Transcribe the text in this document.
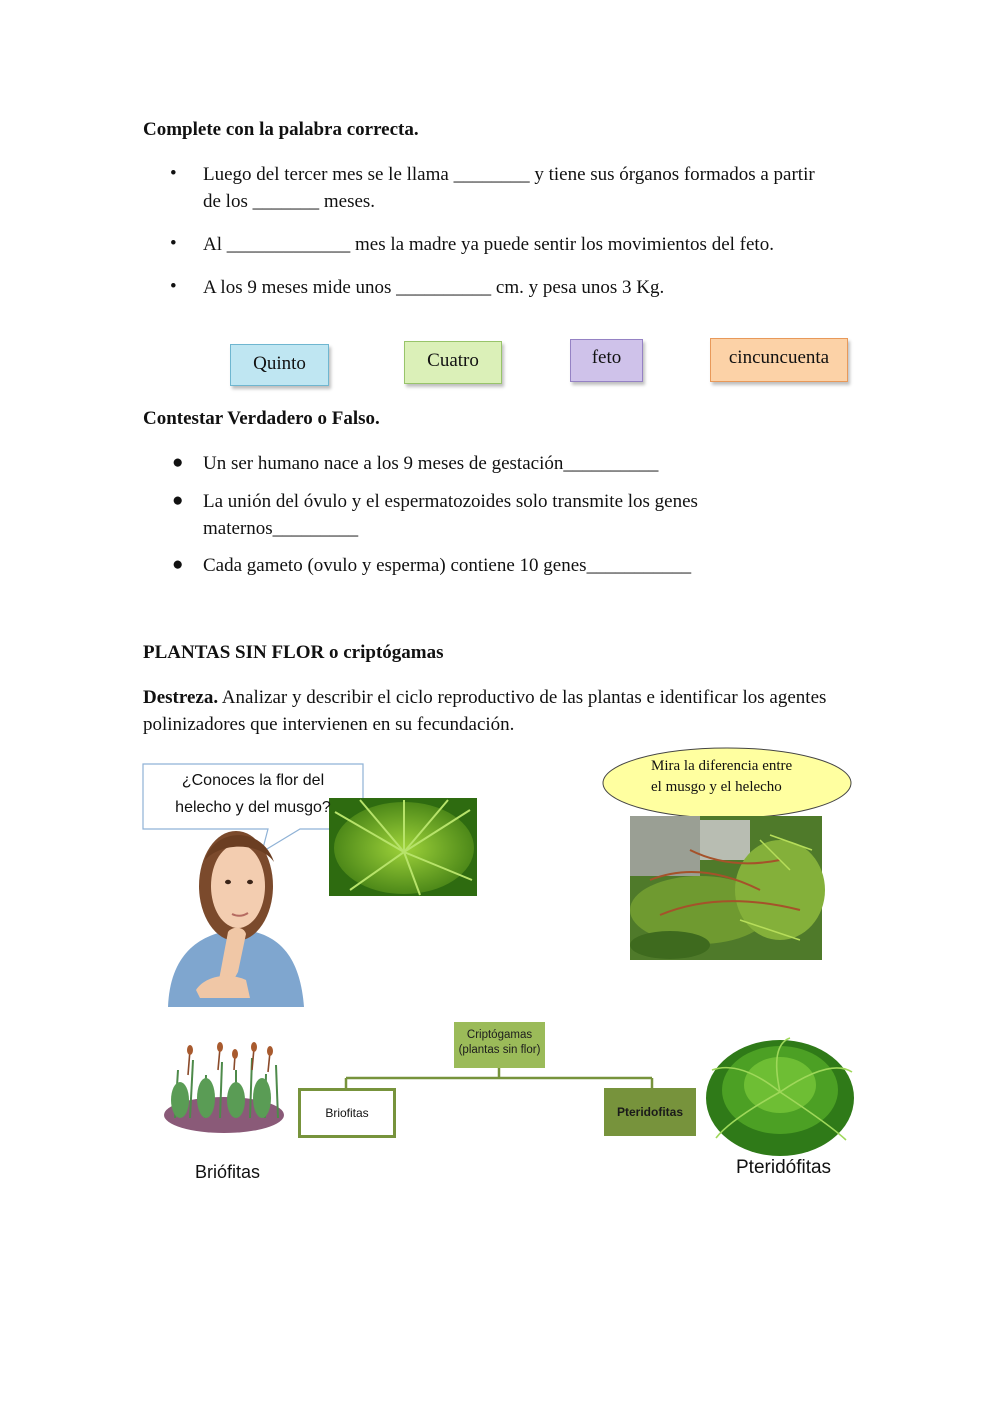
Complete con la palabra correcta.
• Luego del tercer mes se le llama ________ y tiene sus órganos formados a partir
de los _______ meses.
• Al _____________ mes la madre ya puede sentir los movimientos del feto.
• A los 9 meses mide unos __________ cm. y pesa unos 3 Kg.
Quinto	Cuatro	feto	cincuncuenta
Contestar Verdadero o Falso.
● Un ser humano nace a los 9 meses de gestación__________
● La unión del óvulo y el espermatozoides solo transmite los genes
maternos_________
● Cada gameto (ovulo y esperma) contiene 10 genes___________
PLANTAS SIN FLOR o criptógamas
Destreza. Analizar y describir el ciclo reproductivo de las plantas e identificar los agentes
polinizadores que intervienen en su fecundación.
¿Conoces la flor del
helecho y del musgo?
Mira la diferencia entre
el musgo y el helecho
Criptógamas
(plantas sin flor)
Briofitas	Pteridofitas
Briófitas	Pteridófitas
